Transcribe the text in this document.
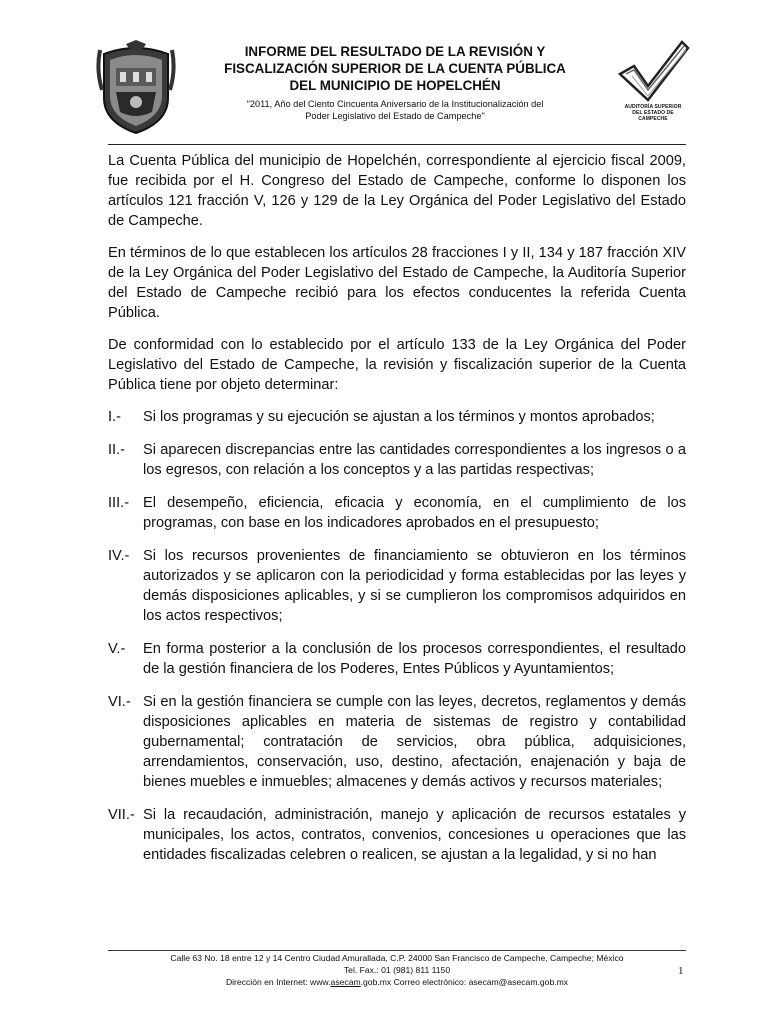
INFORME DEL RESULTADO DE LA REVISIÓN Y
FISCALIZACIÓN SUPERIOR DE LA CUENTA PÚBLICA
DEL MUNICIPIO DE HOPELCHÉN
"2011, Año del Ciento Cincuenta Aniversario de la Institucionalización del
Poder Legislativo del Estado de Campeche"
AUDITORÍA SUPERIOR
DEL ESTADO DE
CAMPECHE

La Cuenta Pública del municipio de Hopelchén, correspondiente al ejercicio fiscal 2009, fue recibida por el H. Congreso del Estado de Campeche, conforme lo disponen los artículos 121 fracción V, 126 y 129 de la Ley Orgánica del Poder Legislativo del Estado de Campeche.

En términos de lo que establecen los artículos 28 fracciones I y II, 134 y 187 fracción XIV de la Ley Orgánica del Poder Legislativo del Estado de Campeche, la Auditoría Superior del Estado de Campeche recibió para los efectos conducentes la referida Cuenta Pública.

De conformidad con lo establecido por el artículo 133 de la Ley Orgánica del Poder Legislativo del Estado de Campeche, la revisión y fiscalización superior de la Cuenta Pública tiene por objeto determinar:

I.-	Si los programas y su ejecución se ajustan a los términos y montos aprobados;
II.-	Si aparecen discrepancias entre las cantidades correspondientes a los ingresos o a los egresos, con relación a los conceptos y a las partidas respectivas;
III.- El desempeño, eficiencia, eficacia y economía, en el cumplimiento de los programas, con base en los indicadores aprobados en el presupuesto;
IV.- Si los recursos provenientes de financiamiento se obtuvieron en los términos autorizados y se aplicaron con la periodicidad y forma establecidas por las leyes y demás disposiciones aplicables, y si se cumplieron los compromisos adquiridos en los actos respectivos;
V.-	En forma posterior a la conclusión de los procesos correspondientes, el resultado de la gestión financiera de los Poderes, Entes Públicos y Ayuntamientos;
VI.- Si en la gestión financiera se cumple con las leyes, decretos, reglamentos y demás disposiciones aplicables en materia de sistemas de registro y contabilidad gubernamental; contratación de servicios, obra pública, adquisiciones, arrendamientos, conservación, uso, destino, afectación, enajenación y baja de bienes muebles e inmuebles; almacenes y demás activos y recursos materiales;
VII.- Si la recaudación, administración, manejo y aplicación de recursos estatales y municipales, los actos, contratos, convenios, concesiones u operaciones que las entidades fiscalizadas celebren o realicen, se ajustan a la legalidad, y si no han
Calle 63 No. 18 entre 12 y 14 Centro Ciudad Amurallada, C.P. 24000 San Francisco de Campeche, Campeche; México
Tel. Fax.: 01 (981) 811 1150
Dirección en Internet: www.asecam.gob.mx Correo electrónico: asecam@asecam.gob.mx
1
